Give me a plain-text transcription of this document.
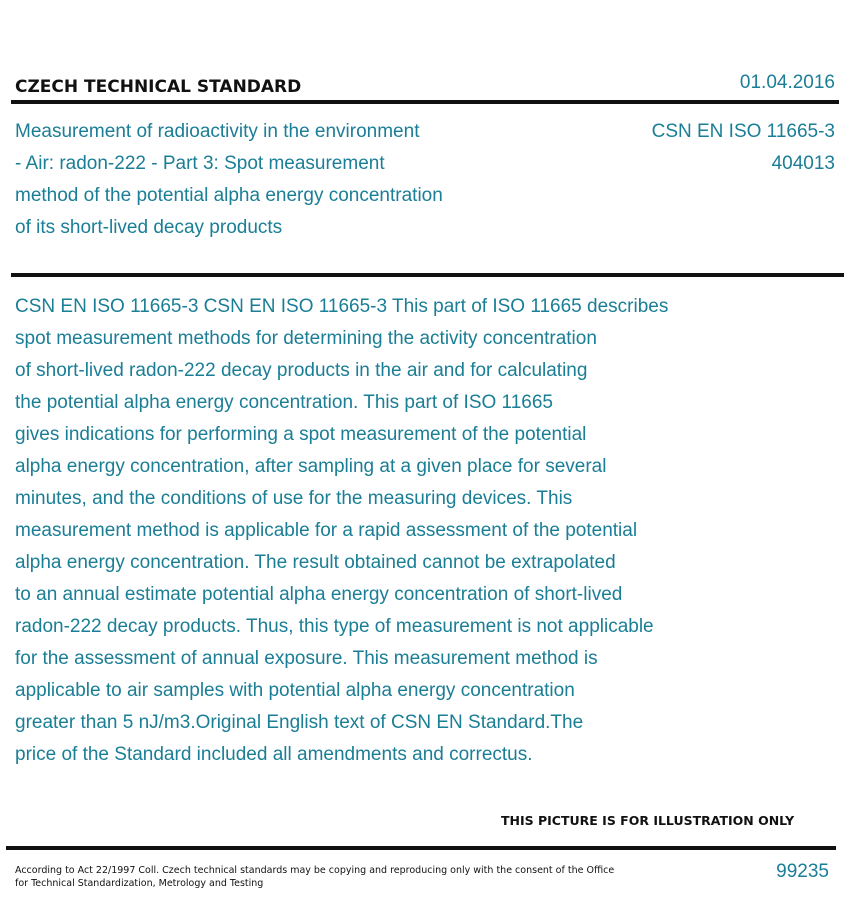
CZECH TECHNICAL STANDARD	01.04.2016
Measurement of radioactivity in the environment
- Air: radon-222 - Part 3: Spot measurement
method of the potential alpha energy concentration
of its short-lived decay products
CSN EN ISO 11665-3
404013
CSN EN ISO 11665-3 CSN EN ISO 11665-3 This part of ISO 11665 describes
spot measurement methods for determining the activity concentration
of short-lived radon-222 decay products in the air and for calculating
the potential alpha energy concentration. This part of ISO 11665
gives indications for performing a spot measurement of the potential
alpha energy concentration, after sampling at a given place for several
minutes, and the conditions of use for the measuring devices. This
measurement method is applicable for a rapid assessment of the potential
alpha energy concentration. The result obtained cannot be extrapolated
to an annual estimate potential alpha energy concentration of short-lived
radon-222 decay products. Thus, this type of measurement is not applicable
for the assessment of annual exposure. This measurement method is
applicable to air samples with potential alpha energy concentration
greater than 5 nJ/m3.Original English text of CSN EN Standard.The
price of the Standard included all amendments and correctus.
THIS PICTURE IS FOR ILLUSTRATION ONLY
According to Act 22/1997 Coll. Czech technical standards may be copying and reproducing only with the consent of the Office
for Technical Standardization, Metrology and Testing
99235
